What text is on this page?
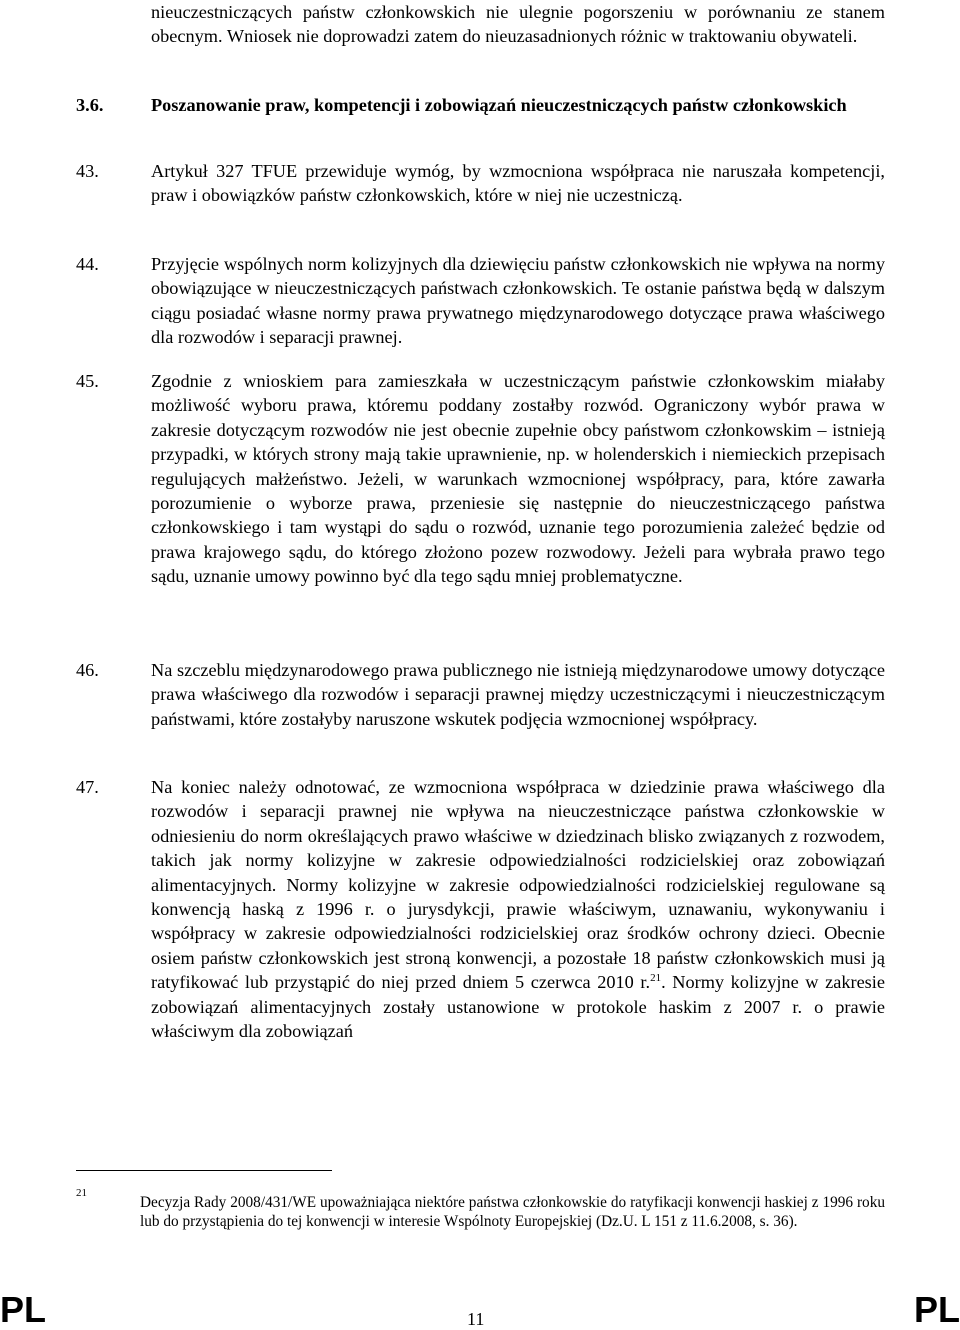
nieuczestniczących państw członkowskich nie ulegnie pogorszeniu w porównaniu ze stanem obecnym. Wniosek nie doprowadzi zatem do nieuzasadnionych różnic w traktowaniu obywateli.

3.6.	Poszanowanie praw, kompetencji i zobowiązań nieuczestniczących państw członkowskich

43.	Artykuł 327 TFUE przewiduje wymóg, by wzmocniona współpraca nie naruszała kompetencji, praw i obowiązków państw członkowskich, które w niej nie uczestniczą.

44.	Przyjęcie wspólnych norm kolizyjnych dla dziewięciu państw członkowskich nie wpływa na normy obowiązujące w nieuczestniczących państwach członkowskich. Te ostanie państwa będą w dalszym ciągu posiadać własne normy prawa prywatnego międzynarodowego dotyczące prawa właściwego dla rozwodów i separacji prawnej.

45.	Zgodnie z wnioskiem para zamieszkała w uczestniczącym państwie członkowskim miałaby możliwość wyboru prawa, któremu poddany zostałby rozwód. Ograniczony wybór prawa w zakresie dotyczącym rozwodów nie jest obecnie zupełnie obcy państwom członkowskim – istnieją przypadki, w których strony mają takie uprawnienie, np. w holenderskich i niemieckich przepisach regulujących małżeństwo. Jeżeli, w warunkach wzmocnionej współpracy, para, które zawarła porozumienie o wyborze prawa, przeniesie się następnie do nieuczestniczącego państwa członkowskiego i tam wystąpi do sądu o rozwód, uznanie tego porozumienia zależeć będzie od prawa krajowego sądu, do którego złożono pozew rozwodowy. Jeżeli para wybrała prawo tego sądu, uznanie umowy powinno być dla tego sądu mniej problematyczne.

46.	Na szczeblu międzynarodowego prawa publicznego nie istnieją międzynarodowe umowy dotyczące prawa właściwego dla rozwodów i separacji prawnej między uczestniczącymi i nieuczestniczącym państwami, które zostałyby naruszone wskutek podjęcia wzmocnionej współpracy.

47.	Na koniec należy odnotować, ze wzmocniona współpraca w dziedzinie prawa właściwego dla rozwodów i separacji prawnej nie wpływa na nieuczestniczące państwa członkowskie w odniesieniu do norm określających prawo właściwe w dziedzinach blisko związanych z rozwodem, takich jak normy kolizyjne w zakresie odpowiedzialności rodzicielskiej oraz zobowiązań alimentacyjnych. Normy kolizyjne w zakresie odpowiedzialności rodzicielskiej regulowane są konwencją haską z 1996 r. o jurysdykcji, prawie właściwym, uznawaniu, wykonywaniu i współpracy w zakresie odpowiedzialności rodzicielskiej oraz środków ochrony dzieci. Obecnie osiem państw członkowskich jest stroną konwencji, a pozostałe 18 państw członkowskich musi ją ratyfikować lub przystąpić do niej przed dniem 5 czerwca 2010 r.$^{21}$. Normy kolizyjne w zakresie zobowiązań alimentacyjnych zostały ustanowione w protokole haskim z 2007 r. o prawie właściwym dla zobowiązań

21

Decyzja Rady 2008/431/WE upoważniająca niektóre państwa członkowskie do ratyfikacji konwencji haskiej z 1996 roku lub do przystąpienia do tej konwencji w interesie Wspólnoty Europejskiej (Dz.U. L 151 z 11.6.2008, s. 36).

PL	11	PL
